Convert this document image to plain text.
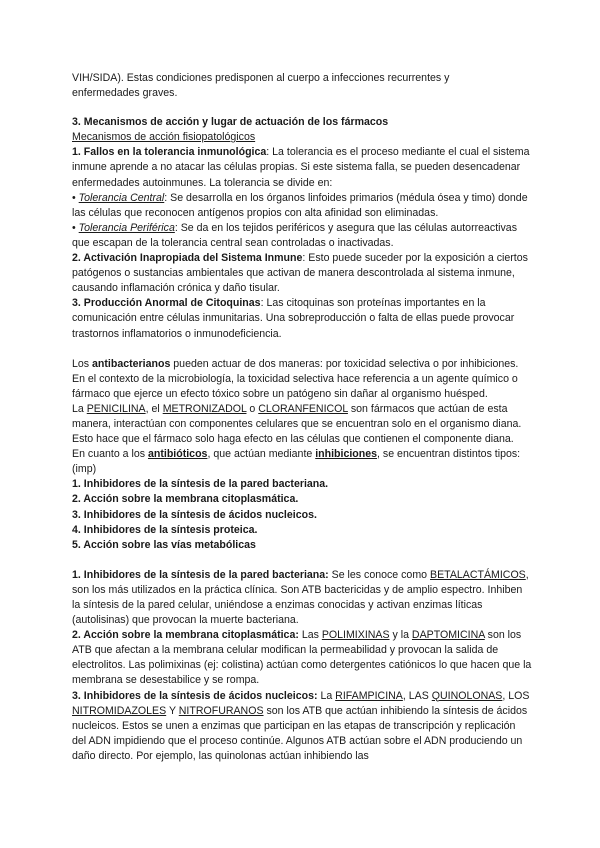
VIH/SIDA). Estas condiciones predisponen al cuerpo a infecciones recurrentes y
enfermedades graves.

3. Mecanismos de acción y lugar de actuación de los fármacos

Mecanismos de acción fisiopatológicos

1. Fallos en la tolerancia inmunológica: La tolerancia es el proceso mediante el cual el sistema inmune aprende a no atacar las células propias. Si este sistema falla, se pueden desencadenar enfermedades autoinmunes. La tolerancia se divide en:

• Tolerancia Central: Se desarrolla en los órganos linfoides primarios (médula ósea y timo) donde las células que reconocen antígenos propios con alta afinidad son eliminadas.

• Tolerancia Periférica: Se da en los tejidos periféricos y asegura que las células autorreactivas que escapan de la tolerancia central sean controladas o inactivadas.

2. Activación Inapropiada del Sistema Inmune: Esto puede suceder por la exposición a ciertos patógenos o sustancias ambientales que activan de manera descontrolada al sistema inmune, causando inflamación crónica y daño tisular.

3. Producción Anormal de Citoquinas: Las citoquinas son proteínas importantes en la comunicación entre células inmunitarias. Una sobreproducción o falta de ellas puede provocar trastornos inflamatorios o inmunodeficiencia.

Los antibacterianos pueden actuar de dos maneras: por toxicidad selectiva o por inhibiciones. En el contexto de la microbiología, la toxicidad selectiva hace referencia a un agente químico o fármaco que ejerce un efecto tóxico sobre un patógeno sin dañar al organismo huésped.

La PENICILINA, el METRONIZADOL o CLORANFENICOL son fármacos que actúan de esta manera, interactúan con componentes celulares que se encuentran solo en el organismo diana. Esto hace que el fármaco solo haga efecto en las células que contienen el componente diana.

En cuanto a los antibióticos, que actúan mediante inhibiciones, se encuentran distintos tipos: (imp)

1. Inhibidores de la síntesis de la pared bacteriana.

2. Acción sobre la membrana citoplasmática.

3. Inhibidores de la síntesis de ácidos nucleicos.

4. Inhibidores de la síntesis proteica.

5. Acción sobre las vías metabólicas

1. Inhibidores de la síntesis de la pared bacteriana: Se les conoce como BETALACTÁMICOS, son los más utilizados en la práctica clínica. Son ATB bactericidas y de amplio espectro. Inhiben la síntesis de la pared celular, uniéndose a enzimas conocidas y activan enzimas líticas (autolisinas) que provocan la muerte bacteriana.

2. Acción sobre la membrana citoplasmática: Las POLIMIXINAS y la DAPTOMICINA son los ATB que afectan a la membrana celular modifican la permeabilidad y provocan la salida de electrolitos. Las polimixinas (ej: colistina) actúan como detergentes catiónicos lo que hacen que la membrana se desestabilice y se rompa.

3. Inhibidores de la síntesis de ácidos nucleicos: La RIFAMPICINA, LAS QUINOLONAS, LOS NITROMIDAZOLES Y NITROFURANOS son los ATB que actúan inhibiendo la síntesis de ácidos nucleicos. Estos se unen a enzimas que participan en las etapas de transcripción y replicación del ADN impidiendo que el proceso continúe. Algunos ATB actúan sobre el ADN produciendo un daño directo. Por ejemplo, las quinolonas actúan inhibiendo las
